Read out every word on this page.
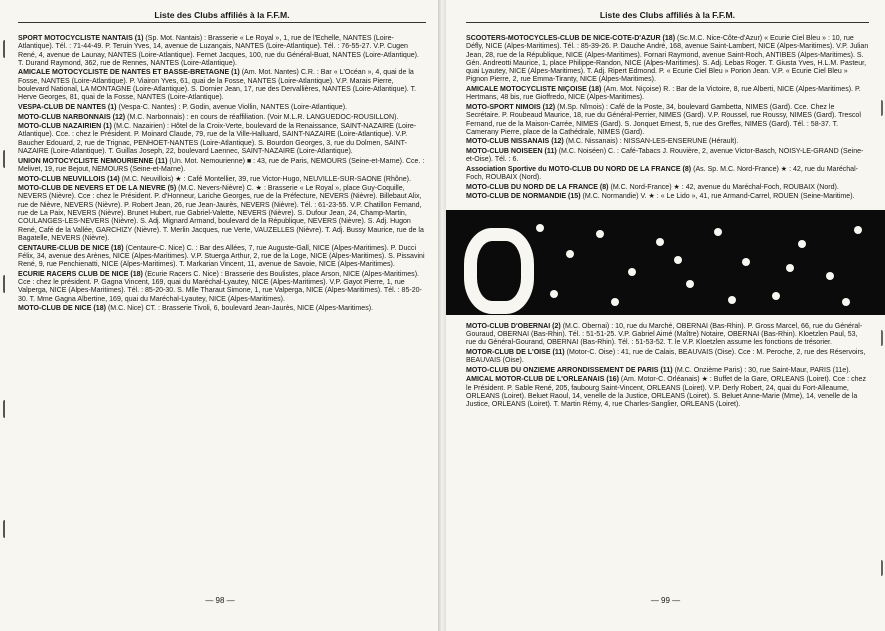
Liste des Clubs affiliés à la F.F.M.

SPORT MOTOCYCLISTE NANTAIS (1) (Sp. Mot. Nantais) : Brasserie « Le Royal », 1, rue de l'Echelle, NANTES (Loire-Atlantique). Tél. : 71-44-49. P. Teruin Yves, 14, avenue de Luzançais, NANTES (Loire-Atlantique). Tél. : 76-55-27. V.P. Cugen René, 4, avenue de Launay, NANTES (Loire-Atlantique). Fernet Jacques, 100, rue du Général-Buat, NANTES (Loire-Atlantique). T. Durand Raymond, 362, rue de Rennes, NANTES (Loire-Atlantique).

AMICALE MOTOCYCLISTE DE NANTES ET BASSE-BRETAGNE (1) (Am. Mot. Nantes) C.R. : Bar « L'Océan », 4, quai de la Fosse, NANTES (Loire-Atlantique). P. Viairon Yves, 61, quai de la Fosse, NANTES (Loire-Atlantique). V.P. Marais Pierre, boulevard National, LA MONTAGNE (Loire-Atlantique). S. Dornier Jean, 17, rue des Dervallières, NANTES (Loire-Atlantique). T. Herve Georges, 81, quai de la Fosse, NANTES (Loire-Atlantique).

VESPA-CLUB DE NANTES (1) (Vespa-C. Nantes) : P. Godin, avenue Viollin, NANTES (Loire-Atlantique).

MOTO-CLUB NARBONNAIS (12) (M.C. Narbonnais) : en cours de réaffiliation. (Voir M.L.R. LANGUEDOC-ROUSILLON).

MOTO-CLUB NAZAIRIEN (1) (M.C. Nazairien) : Hôtel de la Croix-Verte, boulevard de la Renaissance, SAINT-NAZAIRE (Loire-Atlantique). Cce. : chez le Président. P. Moinard Claude, 79, rue de la Ville-Halluard, SAINT-NAZAIRE (Loire-Atlantique). V.P. Baucher Edouard, 2, rue de Trignac, PENHOET-NANTES (Loire-Atlantique). S. Bourdon Georges, 3, rue du Dolmen, SAINT-NAZAIRE (Loire-Atlantique). T. Guillas Joseph, 22, boulevard Laennec, SAINT-NAZAIRE (Loire-Atlantique).

UNION MOTOCYCLISTE NEMOURIENNE (11) (Un. Mot. Nemourienne) ■ : 43, rue de Paris, NEMOURS (Seine-et-Marne). Cce. : Melivet, 19, rue Bejout, NEMOURS (Seine-et-Marne).

MOTO-CLUB NEUVILLOIS (14) (M.C. Neuvillois) ★ : Café Montellier, 39, rue Victor-Hugo, NEUVILLE-SUR-SAONE (Rhône).

MOTO-CLUB DE NEVERS ET DE LA NIEVRE (5) (M.C. Nevers-Nièvre) C. ★ : Brasserie « Le Royal », place Guy-Coquille, NEVERS (Nièvre). Cce : chez le Président. P. d'Honneur, Lariche Georges, rue de la Préfecture, NEVERS (Nièvre). Billebaut Alix, rue de Nièvre, NEVERS (Nièvre). P. Robert Jean, 26, rue Jean-Jaurès, NEVERS (Nièvre). Tél. : 61-23-55. V.P. Chatillon Fernand, rue de La Paix, NEVERS (Nièvre). Brunet Hubert, rue Gabriel-Valette, NEVERS (Nièvre). S. Dufour Jean, 24, Champ-Martin, COULANGES-LES-NEVERS (Nièvre). S. Adj. Mignard Armand, boulevard de la République, NEVERS (Nièvre). S. Adj. Hugon René, Café de la Vallée, GARCHIZY (Nièvre). T. Merlin Jacques, rue Verte, VAUZELLES (Nièvre). T. Adj. Bussy Maurice, rue de la Bagatelle, NEVERS (Nièvre).

CENTAURE-CLUB DE NICE (18) (Centaure-C. Nice) C. : Bar des Allées, 7, rue Auguste-Gall, NICE (Alpes-Maritimes). P. Ducci Félix, 34, avenue des Arènes, NICE (Alpes-Maritimes). V.P. Stuerga Arthur, 2, rue de la Loge, NICE (Alpes-Maritimes). S. Pissavini René, 9, rue Penchienatti, NICE (Alpes-Maritimes). T. Markarian Vincent, 11, avenue de Savoie, NICE (Alpes-Maritimes).

ECURIE RACERS CLUB DE NICE (18) (Ecurie Racers C. Nice) : Brasserie des Boulistes, place Arson, NICE (Alpes-Maritimes). Cce : chez le président. P. Gagna Vincent, 169, quai du Maréchal-Lyautey, NICE (Alpes-Maritimes). V.P. Gayot Pierre, 1, rue Valperga, NICE (Alpes-Maritimes). Tél. : 85-20-30. S. Mlle Tharaut Simone, 1, rue Valperga, NICE (Alpes-Maritimes). Tél. : 85-20-30. T. Mme Gagna Albertine, 169, quai du Maréchal-Lyautey, NICE (Alpes-Maritimes).

MOTO-CLUB DE NICE (18) (M.C. Nice) CT. : Brasserie Tivoli, 6, boulevard Jean-Jaurès, NICE (Alpes-Maritimes).

— 98 —
Liste des Clubs affiliés à la F.F.M.

SCOOTERS-MOTOCYCLES-CLUB DE NICE-COTE-D'AZUR (18) (Sc.M.C. Nice-Côte-d'Azur) « Ecurie Ciel Bleu » : 10, rue Défly, NICE (Alpes-Maritimes). Tél. : 85-39-26. P. Dauche André, 168, avenue Saint-Lambert, NICE (Alpes-Maritimes). V.P. Julian Jean, 28, rue de la République, NICE (Alpes-Maritimes). Fornari Raymond, avenue Saint-Roch, ANTIBES (Alpes-Maritimes). S. Gén. Andreotti Maurice, 1, place Philippe-Randon, NICE (Alpes-Maritimes). S. Adj. Lebas Roger. T. Giusta Yves, H.L.M. Pasteur, quai Lyautey, NICE (Alpes-Maritimes). T. Adj. Ripert Edmond. P. « Ecurie Ciel Bleu » Porion Jean. V.P. « Ecurie Ciel Bleu » Pignon Pierre, 2, rue Emma-Tiranty, NICE (Alpes-Maritimes).

AMICALE MOTOCYCLISTE NIÇOISE (18) (Am. Mot. Niçoise) R. : Bar de la Victoire, 8, rue Alberti, NICE (Alpes-Maritimes). P. Hertmans, 48 bis, rue Gioffredo, NICE (Alpes-Maritimes).

MOTO-SPORT NIMOIS (12) (M.Sp. Nîmois) : Café de la Poste, 34, boulevard Gambetta, NIMES (Gard). Cce. Chez le Secrétaire. P. Roubeaud Maurice, 18, rue du Général-Perrier, NIMES (Gard). V.P. Roussel, rue Roussy, NIMES (Gard). Trescol Fernand, rue de la Maison-Carrée, NIMES (Gard). S. Jonquet Ernest, 5, rue des Greffes, NIMES (Gard). Tél. : 58-37. T. Camerany Pierre, place de la Cathédrale, NIMES (Gard).

MOTO-CLUB NISSANAIS (12) (M.C. Nissanais) : NISSAN-LES-ENSERUNE (Hérault).

MOTO-CLUB NOISEEN (11) (M.C. Noiséen) C. : Café-Tabacs J. Rouvière, 2, avenue Victor-Basch, NOISY-LE-GRAND (Seine-et-Oise). Tél. : 6.

Association Sportive du MOTO-CLUB DU NORD DE LA FRANCE (8) (As. Sp. M.C. Nord-France) ★ : 42, rue du Maréchal-Foch, ROUBAIX (Nord).

MOTO-CLUB DU NORD DE LA FRANCE (8) (M.C. Nord-France) ★ : 42, avenue du Maréchal-Foch, ROUBAIX (Nord).

MOTO-CLUB DE NORMANDIE (15) (M.C. Normandie) V. ★ : « Le Lido », 41, rue Armand-Carrel, ROUEN (Seine-Maritime).

MOTO-CLUB D'OBERNAI (2) (M.C. Obernai) : 10, rue du Marché, OBERNAI (Bas-Rhin). P. Gross Marcel, 66, rue du Général-Gouraud, OBERNAI (Bas-Rhin). Tél. : 51-51-25. V.P. Gabriel Aimé (Maître) Notaire, OBERNAI (Bas-Rhin). Kloetzlen Paul, 53, rue du Général-Gourand, OBERNAI (Bas-Rhin). Tél. : 51-53-52. T. le V.P. Kloetzlen assume les fonctions de trésorier.

MOTOR-CLUB DE L'OISE (11) (Motor-C. Oise) : 41, rue de Calais, BEAUVAIS (Oise). Cce : M. Peroche, 2, rue des Réservoirs, BEAUVAIS (Oise).

MOTO-CLUB DU ONZIEME ARRONDISSEMENT DE PARIS (11) (M.C. Onzième Paris) : 30, rue Saint-Maur, PARIS (11e).

AMICAL MOTOR-CLUB DE L'ORLEANAIS (16) (Am. Motor-C. Orléanais) ★ : Buffet de la Gare, ORLEANS (Loiret). Cce : chez le Président. P. Sable René, 205, faubourg Saint-Vincent, ORLEANS (Loiret). V.P. Derly Robert, 24, quai du Fort-Alleaume, ORLEANS (Loiret). Beluet Raoul, 14, venelle de la Justice, ORLEANS (Loiret). S. Beluet Anne-Marie (Mme), 14, venelle de la Justice, ORLEANS (Loiret). T. Martin Rémy, 4, rue Charles-Sanglier, ORLEANS (Loiret).

— 99 —
